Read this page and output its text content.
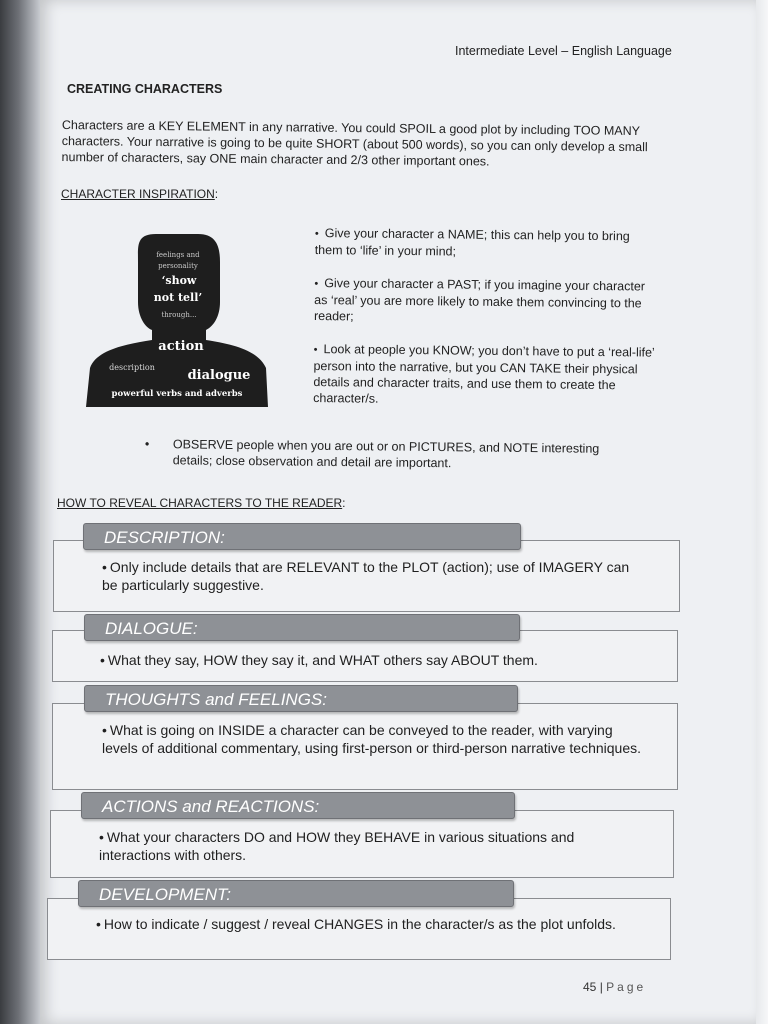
Intermediate Level – English Language
CREATING CHARACTERS
Characters are a KEY ELEMENT in any narrative. You could SPOIL a good plot by including TOO MANY characters. Your narrative is going to be quite SHORT (about 500 words), so you can only develop a small number of characters, say ONE main character and 2/3 other important ones.
CHARACTER INSPIRATION:
feelings and
personality
‘show
not tell’
through...
action
description
dialogue
powerful verbs and adverbs
• Give your character a NAME; this can help you to bring them to ‘life’ in your mind;
• Give your character a PAST; if you imagine your character as ‘real’ you are more likely to make them convincing to the reader;
• Look at people you KNOW; you don’t have to put a ‘real-life’ person into the narrative, but you CAN TAKE their physical details and character traits, and use them to create the character/s.
• OBSERVE people when you are out or on PICTURES, and NOTE interesting details; close observation and detail are important.
HOW TO REVEAL CHARACTERS TO THE READER:
DESCRIPTION:
• Only include details that are RELEVANT to the PLOT (action); use of IMAGERY can be particularly suggestive.
DIALOGUE:
• What they say, HOW they say it, and WHAT others say ABOUT them.
THOUGHTS and FEELINGS:
• What is going on INSIDE a character can be conveyed to the reader, with varying levels of additional commentary, using first-person or third-person narrative techniques.
ACTIONS and REACTIONS:
• What your characters DO and HOW they BEHAVE in various situations and interactions with others.
DEVELOPMENT:
• How to indicate / suggest / reveal CHANGES in the character/s as the plot unfolds.
45 | Page
